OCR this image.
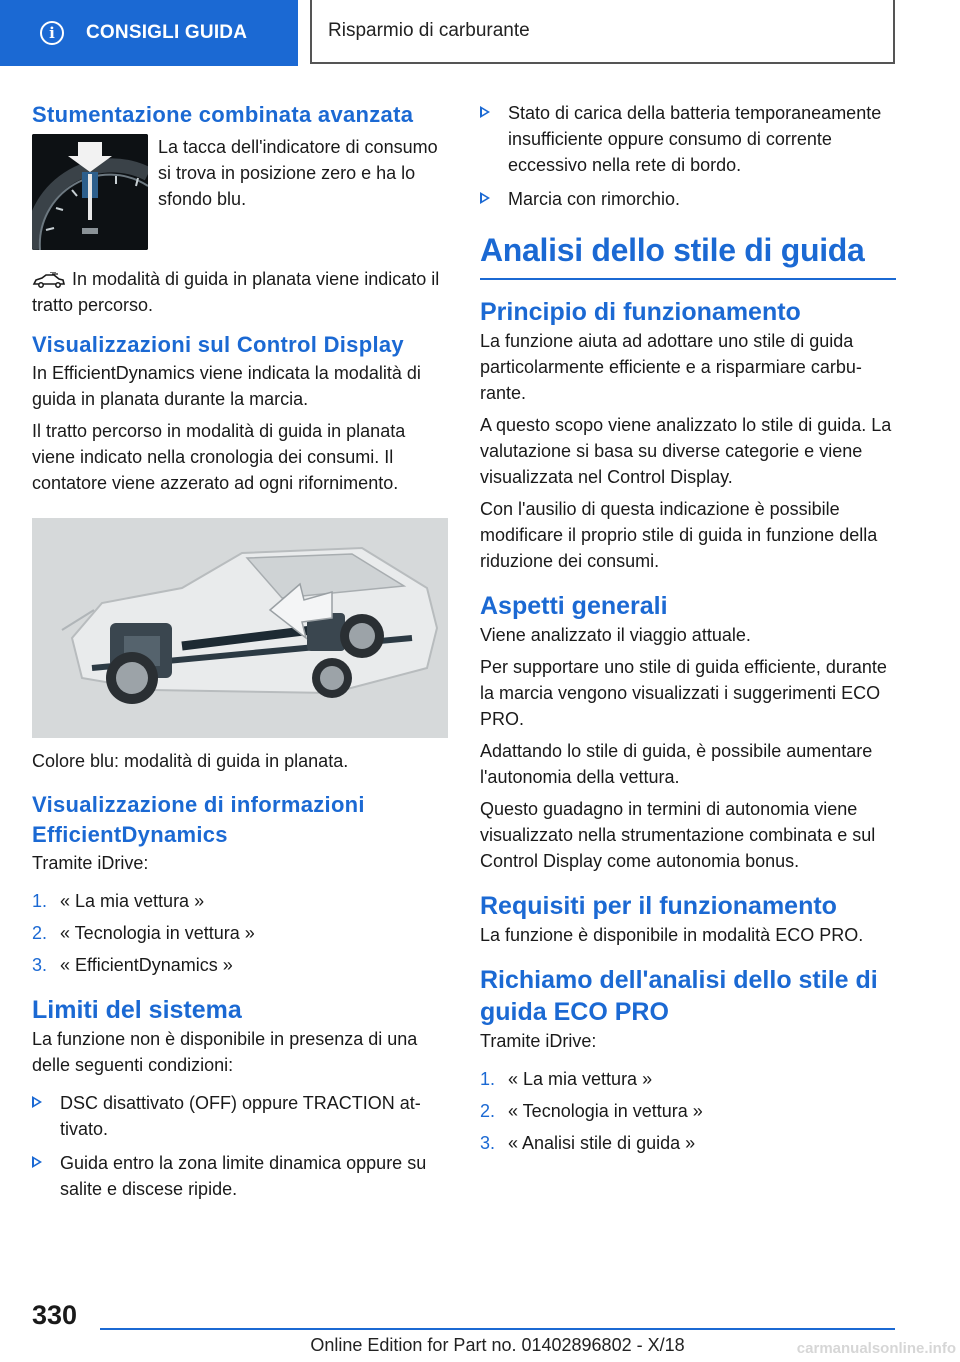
i	CONSIGLI GUIDA	Risparmio di carburante
Stumentazione combinata avanzata
La tacca dell'indicatore di consumo si trova in posizione zero e ha lo sfondo blu.

In modalità di guida in planata viene indicato il tratto percorso.

Visualizzazioni sul Control Display

In EfficientDynamics viene indicata la modalità di guida in planata durante la marcia.

Il tratto percorso in modalità di guida in planata viene indicato nella cronologia dei consumi. Il contatore viene azzerato ad ogni rifornimento.

Colore blu: modalità di guida in planata.

Visualizzazione di informazioni EfficientDynamics

Tramite iDrive:

1. « La mia vettura »
2. « Tecnologia in vettura »
3. « EfficientDynamics »
Limiti del sistema

La funzione non è disponibile in presenza di una delle seguenti condizioni:

DSC disattivato (OFF) oppure TRACTION attivato.
Guida entro la zona limite dinamica oppure su salite e discese ripide.
Stato di carica della batteria temporaneamente insufficiente oppure consumo di corrente eccessivo nella rete di bordo.
Marcia con rimorchio.
Analisi dello stile di guida
Principio di funzionamento

La funzione aiuta ad adottare uno stile di guida particolarmente efficiente e a risparmiare carburante.

A questo scopo viene analizzato lo stile di guida. La valutazione si basa su diverse categorie e viene visualizzata nel Control Display.

Con l'ausilio di questa indicazione è possibile modificare il proprio stile di guida in funzione della riduzione dei consumi.

Aspetti generali

Viene analizzato il viaggio attuale.

Per supportare uno stile di guida efficiente, durante la marcia vengono visualizzati i suggerimenti ECO PRO.

Adattando lo stile di guida, è possibile aumentare l'autonomia della vettura.

Questo guadagno in termini di autonomia viene visualizzato nella strumentazione combinata e sul Control Display come autonomia bonus.

Requisiti per il funzionamento

La funzione è disponibile in modalità ECO PRO.

Richiamo dell'analisi dello stile di guida ECO PRO

Tramite iDrive:

1. « La mia vettura »
2. « Tecnologia in vettura »
3. « Analisi stile di guida »
330
Online Edition for Part no. 01402896802 - X/18	carmanualsonline.info
